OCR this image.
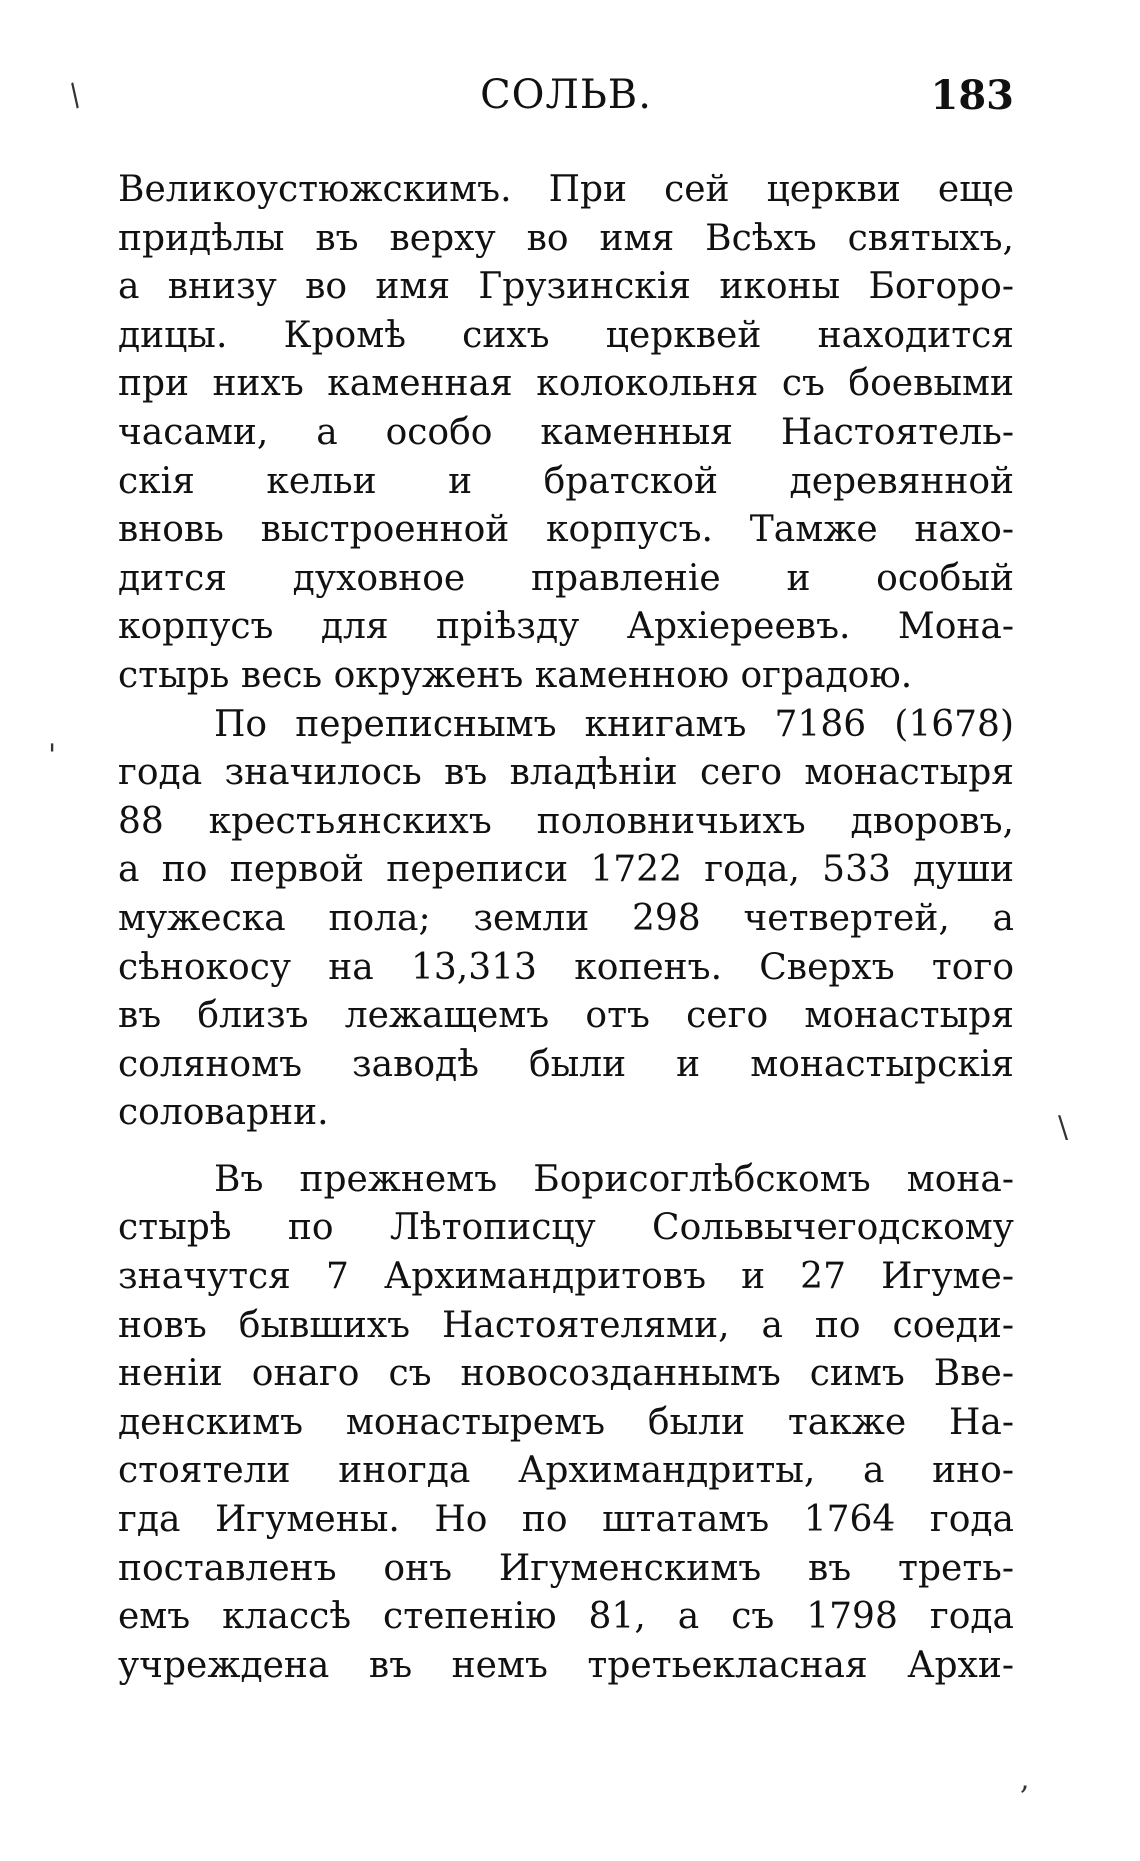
СОЛЬВ.	183
Великоустюжскимъ. При сей церкви еще
придѣлы въ верху во имя Всѣхъ святыхъ,
а внизу во имя Грузинскія иконы Богоро-
дицы. Кромѣ сихъ церквей находится
при нихъ каменная колокольня съ боевыми
часами, а особо каменныя Настоятель-
скія кельи и братской деревянной
вновь выстроенной корпусъ. Тамже нахо-
дится духовное правленіе и особый
корпусъ для пріѣзду Архіереевъ. Мона-
стырь весь окруженъ каменною оградою.
По переписнымъ книгамъ 7186 (1678)
года значилось въ владѣніи сего монастыря
88 крестьянскихъ половничьихъ дворовъ,
а по первой переписи 1722 года, 533 души
мужеска пола; земли 298 четвертей, а
сѣнокосу на 13,313 копенъ. Сверхъ того
въ близъ лежащемъ отъ сего монастыря
соляномъ заводѣ были и монастырскія
соловарни.
Въ прежнемъ Борисоглѣбскомъ мона-
стырѣ по Лѣтописцу Сольвычегодскому
значутся 7 Архимандритовъ и 27 Игуме-
новъ бывшихъ Настоятелями, а по соеди-
неніи онаго съ новосозданнымъ симъ Вве-
денскимъ монастыремъ были также На-
стоятели иногда Архимандриты, а ино-
гда Игумены. Но по штатамъ 1764 года
поставленъ онъ Игуменскимъ въ треть-
емъ классѣ степенію 81, а съ 1798 года
учреждена въ немъ третьекласная Архи-
/
'
\
,
